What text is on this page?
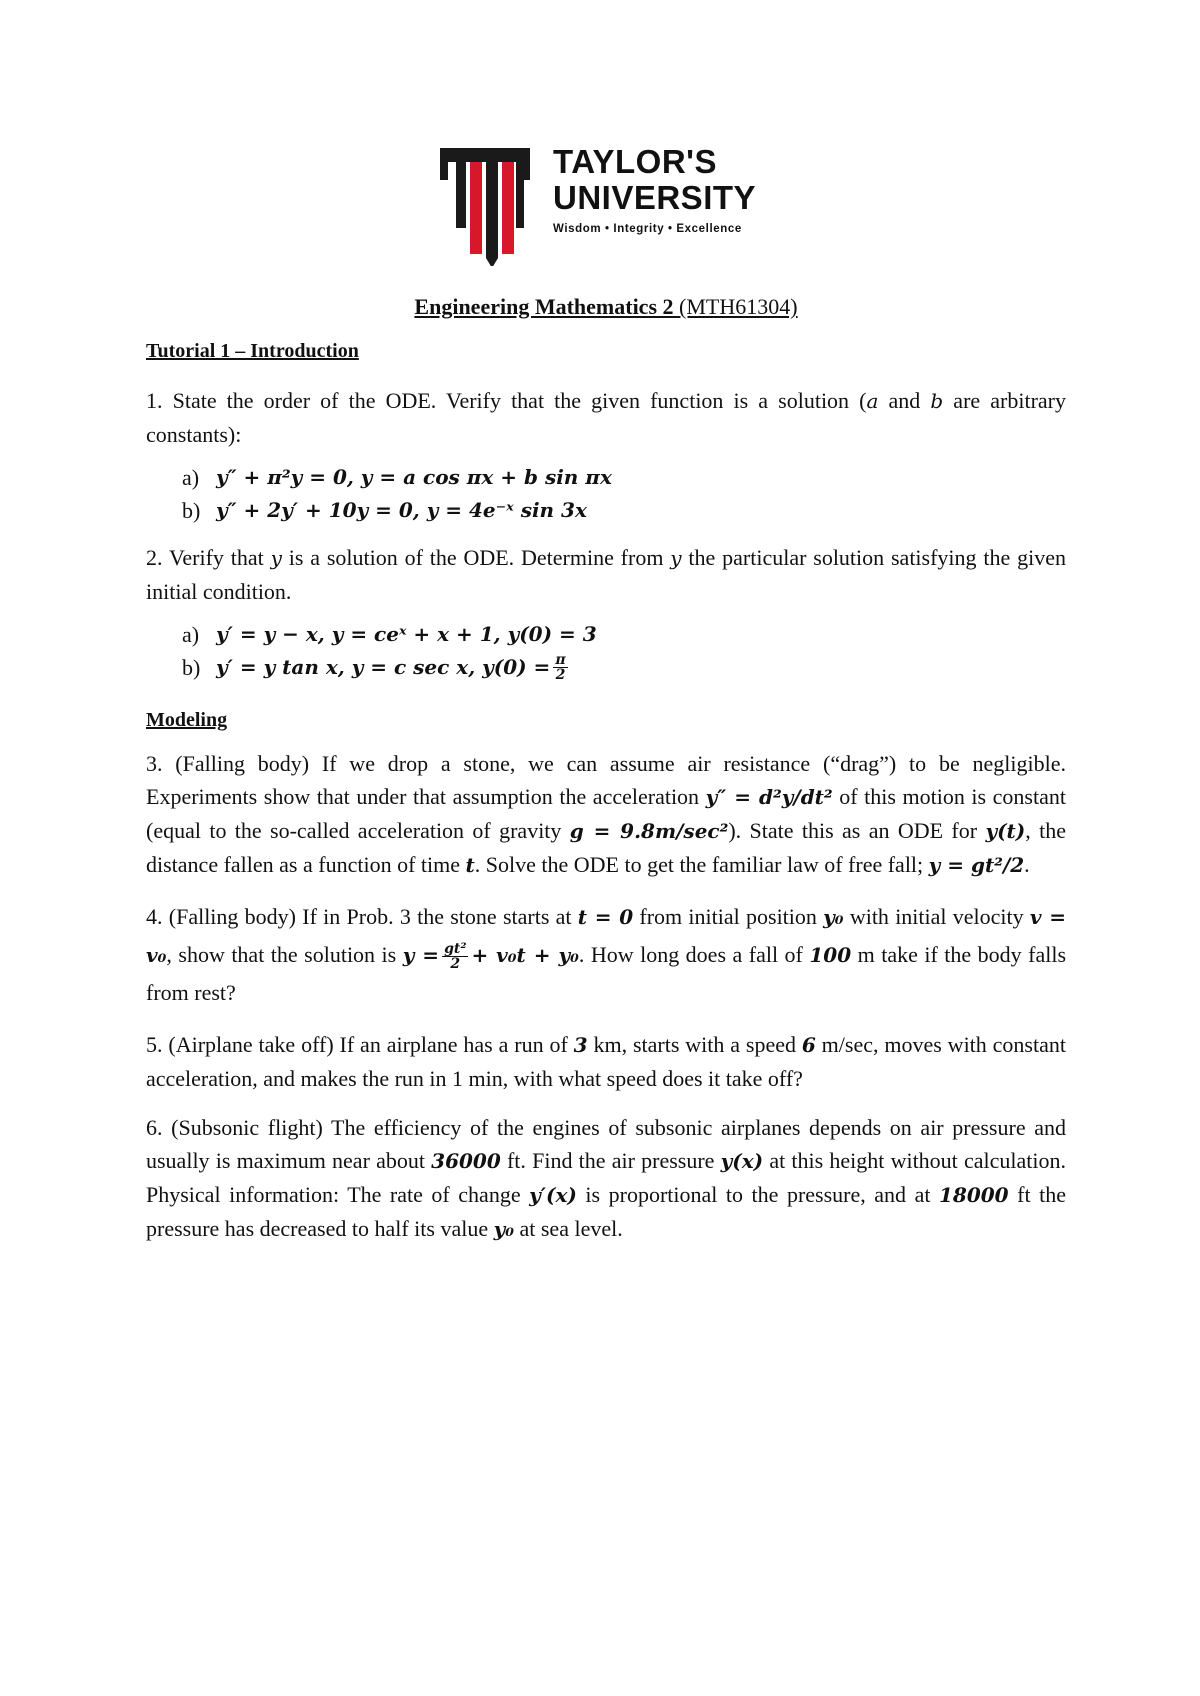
TAYLOR'S
UNIVERSITY
Wisdom • Integrity • Excellence
Engineering Mathematics 2 (MTH61304)
Tutorial 1 – Introduction

1. State the order of the ODE. Verify that the given function is a solution (a and b are arbitrary constants):

a) y″ + π²y = 0, y = a cos πx + b sin πx
b) y″ + 2y′ + 10y = 0, y = 4e⁻ˣ sin 3x

2. Verify that y is a solution of the ODE. Determine from y the particular solution satisfying the given initial condition.

a) y′ = y − x, y = ceˣ + x + 1, y(0) = 3
b) y′ = y tan x, y = c sec x, $y(0) = \frac{\pi}{2}$
Modeling

3. (Falling body) If we drop a stone, we can assume air resistance (“drag”) to be negligible. Experiments show that under that assumption the acceleration y″ = d²y/dt² of this motion is constant (equal to the so-called acceleration of gravity g = 9.8m/sec²). State this as an ODE for y(t), the distance fallen as a function of time t. Solve the ODE to get the familiar law of free fall; y = gt²/2.

4. (Falling body) If in Prob. 3 the stone starts at t = 0 from initial position y₀ with initial velocity v = v₀, show that the solution is $y = \frac{\text{gt²}}{2} + v_0t + y_0$. How long does a fall of 100 m take if the body falls from rest?

5. (Airplane take off) If an airplane has a run of 3 km, starts with a speed 6 m/sec, moves with constant acceleration, and makes the run in 1 min, with what speed does it take off?

6. (Subsonic flight) The efficiency of the engines of subsonic airplanes depends on air pressure and usually is maximum near about 36000 ft. Find the air pressure y(x) at this height without calculation. Physical information: The rate of change y′(x) is proportional to the pressure, and at 18000 ft the pressure has decreased to half its value y₀ at sea level.
